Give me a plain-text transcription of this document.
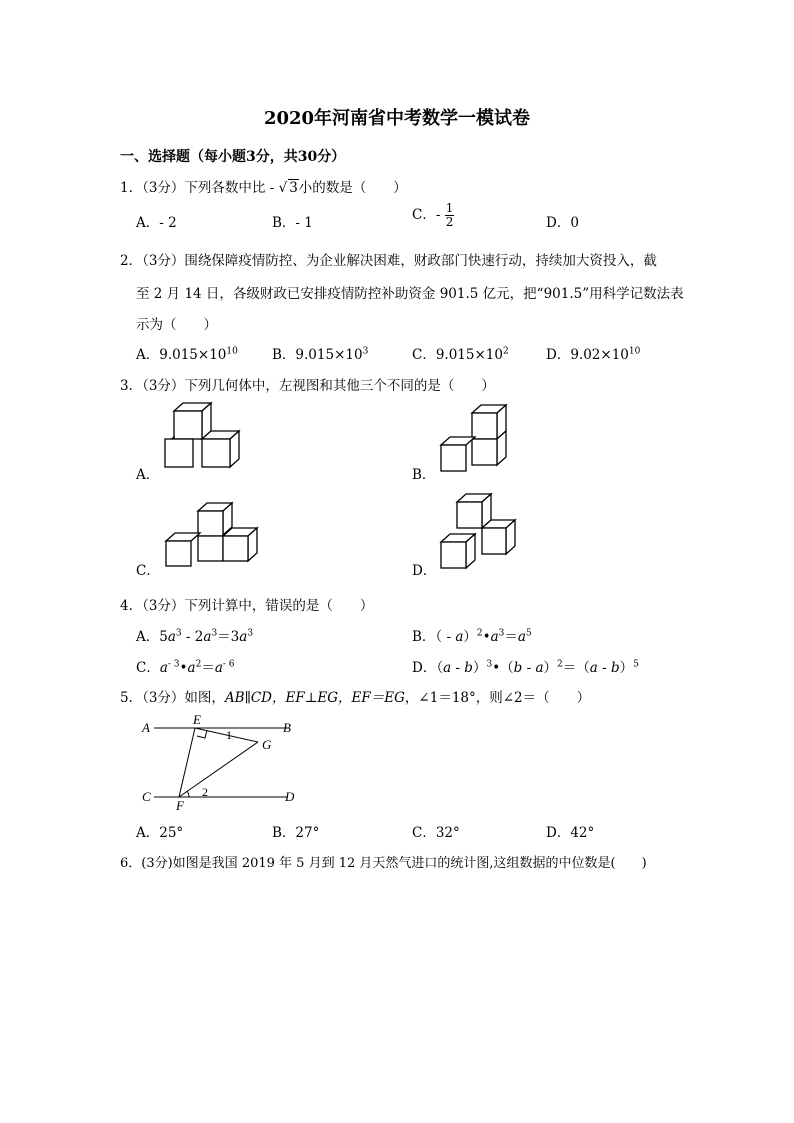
2020年河南省中考数学一模试卷
一、选择题（每小题3分，共30分）
1．（3分）下列各数中比 - √ 3小的数是（　　）
A．- 2	B．- 1	C．- $\frac{1}{2}$	D．0
2．（3分）围绕保障疫情防控、为企业解决困难，财政部门快速行动，持续加大资投入，截
至 2 月 14 日，各级财政已安排疫情防控补助资金 901.5 亿元，把“901.5”用科学记数法表
示为（　　）
A．$9.015\times 10^{10}$	B．$9.015\times 10^3$	C．$9.015\times 10^2$	D．$9.02\times 10^{10}$
3．（3分）下列几何体中，左视图和其他三个不同的是（　　）
A．	B．
C．	D．
4．（3分）下列计算中，错误的是（　　）
A．$5a^3 - 2a^3=3a^3$	B．（ - $a)^2•a^3=a^5$
C．$a^{- 3}•a^2=a^{- 6}$	D．（a - b）$^3$•（b - a）$^2$＝（a - b）$^5$
5．（3分）如图，AB∥CD，EF⊥EG，EF＝EG，∠1＝18°，则∠2＝（　　）
A	B
C	D
E
F
G
1
2
A．25°	B．27°	C．32°	D．42°
6．(3分)如图是我国 2019 年 5 月到 12 月天然气进口的统计图,这组数据的中位数是(　　)
